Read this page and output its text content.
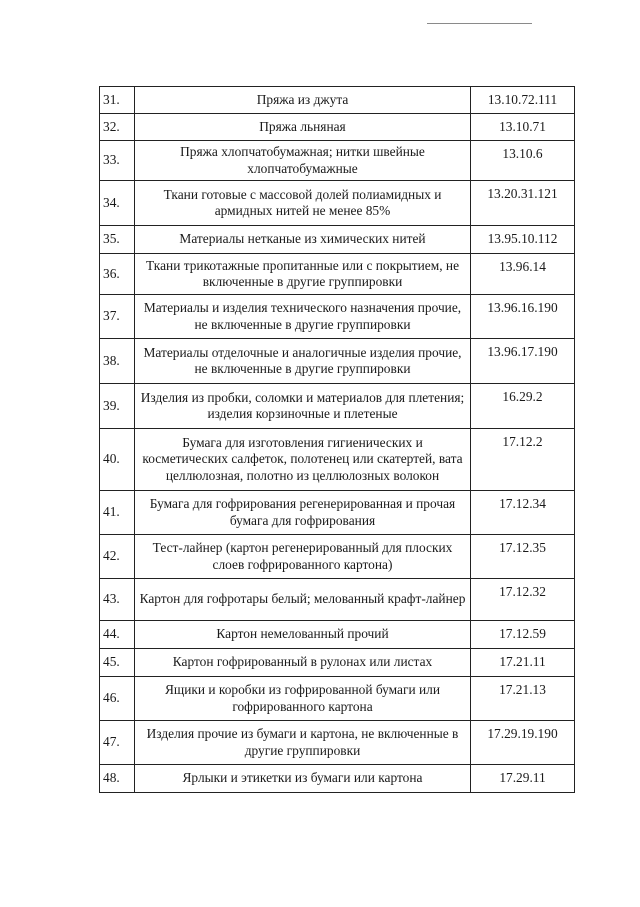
31.	Пряжа из джута	13.10.72.111
32.	Пряжа льняная	13.10.71
33.	Пряжа хлопчатобумажная; нитки швейные хлопчатобумажные	13.10.6
34.	Ткани готовые с массовой долей полиамидных и армидных нитей не менее 85%	13.20.31.121
35.	Материалы нетканые из химических нитей	13.95.10.112
36.	Ткани трикотажные пропитанные или с покрытием, не включенные в другие группировки	13.96.14
37.	Материалы и изделия технического назначения прочие, не включенные в другие группировки	13.96.16.190
38.	Материалы отделочные и аналогичные изделия прочие, не включенные в другие группировки	13.96.17.190
39.	Изделия из пробки, соломки и материалов для плетения; изделия корзиночные и плетеные	16.29.2
40.	Бумага для изготовления гигиенических и косметических салфеток, полотенец или скатертей, вата целлюлозная, полотно из целлюлозных волокон	17.12.2
41.	Бумага для гофрирования регенерированная и прочая бумага для гофрирования	17.12.34
42.	Тест-лайнер (картон регенерированный для плоских слоев гофрированного картона)	17.12.35
43.	Картон для гофротары белый; мелованный крафт-лайнер	17.12.32
44.	Картон немелованный прочий	17.12.59
45.	Картон гофрированный в рулонах или листах	17.21.11
46.	Ящики и коробки из гофрированной бумаги или гофрированного картона	17.21.13
47.	Изделия прочие из бумаги и картона, не включенные в другие группировки	17.29.19.190
48.	Ярлыки и этикетки из бумаги или картона	17.29.11
